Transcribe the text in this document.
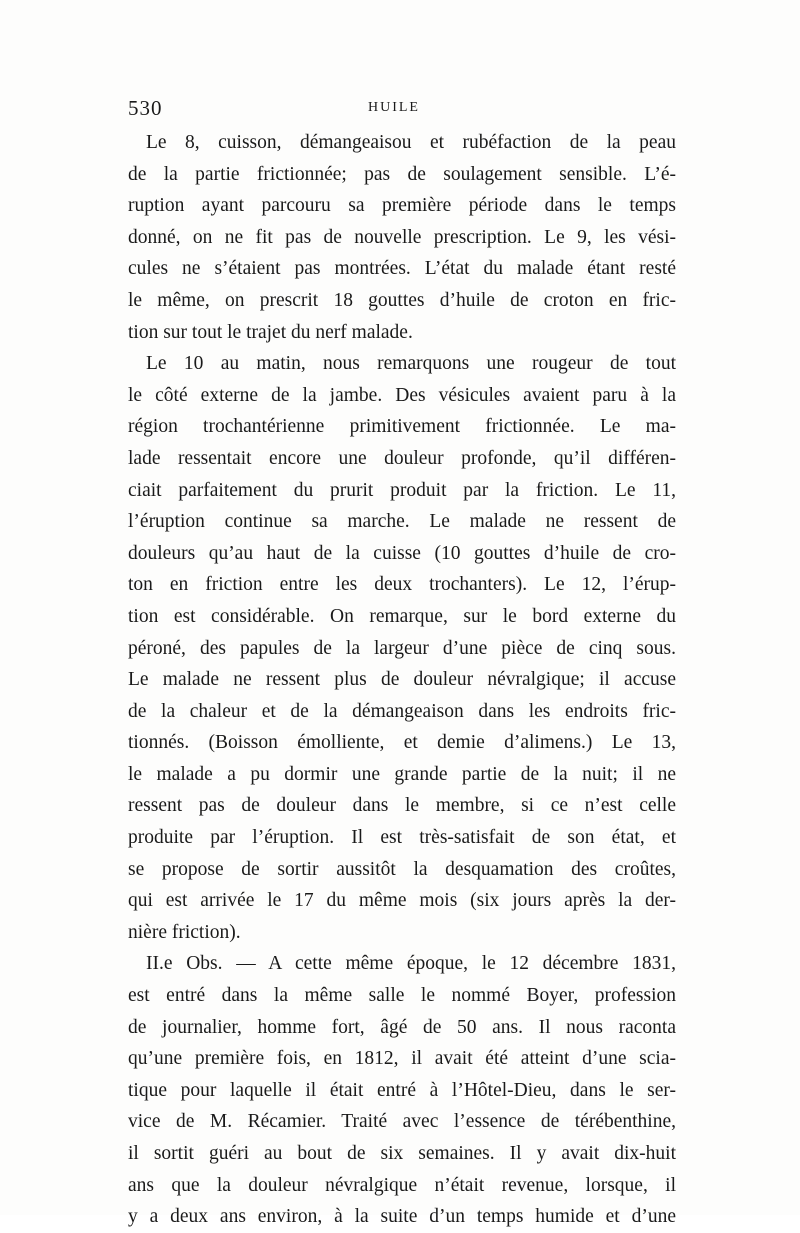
530	HUILE
Le 8, cuisson, démangeaisou et rubéfaction de la peau
de la partie frictionnée; pas de soulagement sensible. L’é-
ruption ayant parcouru sa première période dans le temps
donné, on ne fit pas de nouvelle prescription. Le 9, les vési-
cules ne s’étaient pas montrées. L’état du malade étant resté
le même, on prescrit 18 gouttes d’huile de croton en fric-
tion sur tout le trajet du nerf malade.
Le 10 au matin, nous remarquons une rougeur de tout
le côté externe de la jambe. Des vésicules avaient paru à la
région trochantérienne primitivement frictionnée. Le ma-
lade ressentait encore une douleur profonde, qu’il différen-
ciait parfaitement du prurit produit par la friction. Le 11,
l’éruption continue sa marche. Le malade ne ressent de
douleurs qu’au haut de la cuisse (10 gouttes d’huile de cro-
ton en friction entre les deux trochanters). Le 12, l’érup-
tion est considérable. On remarque, sur le bord externe du
péroné, des papules de la largeur d’une pièce de cinq sous.
Le malade ne ressent plus de douleur névralgique; il accuse
de la chaleur et de la démangeaison dans les endroits fric-
tionnés. (Boisson émolliente, et demie d’alimens.) Le 13,
le malade a pu dormir une grande partie de la nuit; il ne
ressent pas de douleur dans le membre, si ce n’est celle
produite par l’éruption. Il est très-satisfait de son état, et
se propose de sortir aussitôt la desquamation des croûtes,
qui est arrivée le 17 du même mois (six jours après la der-
nière friction).
II.e Obs. — A cette même époque, le 12 décembre 1831,
est entré dans la même salle le nommé Boyer, profession
de journalier, homme fort, âgé de 50 ans. Il nous raconta
qu’une première fois, en 1812, il avait été atteint d’une scia-
tique pour laquelle il était entré à l’Hôtel-Dieu, dans le ser-
vice de M. Récamier. Traité avec l’essence de térébenthine,
il sortit guéri au bout de six semaines. Il y avait dix-huit
ans que la douleur névralgique n’était revenue, lorsque, il
y a deux ans environ, à la suite d’un temps humide et d’une
